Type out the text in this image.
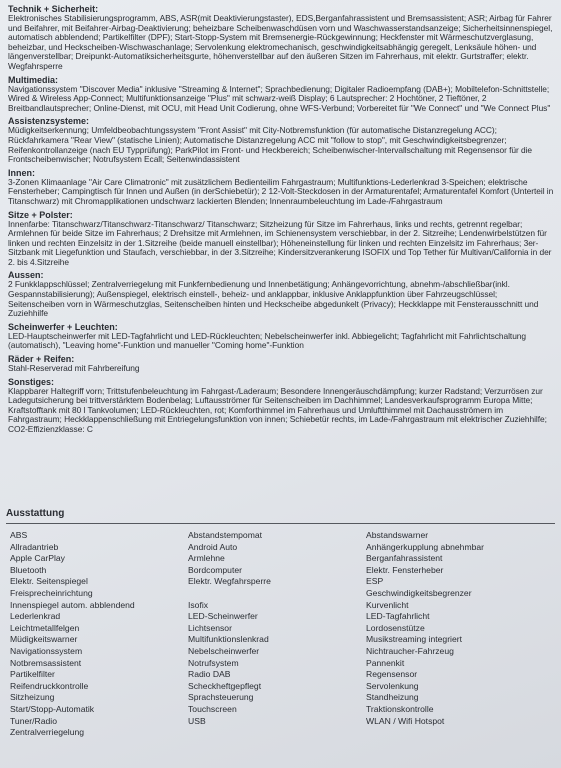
Technik + Sicherheit:

Elektronisches Stabilisierungsprogramm, ABS, ASR(mit Deaktivierungstaster), EDS,Berganfahrassistent und Bremsassistent; ASR; Airbag für Fahrer und Beifahrer, mit Beifahrer-Airbag-Deaktivierung; beheizbare Scheibenwaschdüsen vorn und Waschwasserstandsanzeige; Sicherheitsinnenspiegel, automatisch abblendend; Partikelfilter (DPF); Start-Stopp-System mit Bremsenergie-Rückgewinnung; Heckfenster mit Wärmeschutzverglasung, beheizbar, und Heckscheiben-Wischwaschanlage; Servolenkung elektromechanisch, geschwindigkeitsabhängig geregelt, Lenksäule höhen- und längenverstellbar; Dreipunkt-Automatiksicherheitsgurte, höhenverstellbar auf den äußeren Sitzen im Fahrerhaus, mit elektr. Gurtstraffer; elektr. Wegfahrsperre

Multimedia:

Navigationssystem "Discover Media" inklusive "Streaming & Internet"; Sprachbedienung; Digitaler Radioempfang (DAB+); Mobiltelefon-Schnittstelle; Wired & Wireless App-Connect; Multifunktionsanzeige "Plus" mit schwarz-weiß Display; 6 Lautsprecher: 2 Hochtöner, 2 Tieftöner, 2 Breitbandlautsprecher; Online-Dienst, mit OCU, mit Head Unit Codierung, ohne WFS-Verbund; Vorbereitet für "We Connect" und "We Connect Plus"

Assistenzsysteme:

Müdigkeitserkennung; Umfeldbeobachtungssystem "Front Assist" mit City-Notbremsfunktion (für automatische Distanzregelung ACC); Rückfahrkamera "Rear View" (statische Linien); Automatische Distanzregelung ACC mit "follow to stop", mit Geschwindigkeitsbegrenzer; Reifenkontrollanzeige (nach EU Typprüfung); ParkPilot im Front- und Heckbereich; Scheibenwischer-Intervallschaltung mit Regensensor für die Frontscheibenwischer; Notrufsystem Ecall; Seitenwindassistent

Innen:

3-Zonen Klimaanlage "Air Care Climatronic" mit zusätzlichem Bedienteilim Fahrgastraum; Multifunktions-Lederlenkrad 3-Speichen; elektrische Fensterheber; Campingtisch für Innen und Außen (in derSchiebetür); 2 12-Volt-Steckdosen in der Armaturentafel; Armaturentafel Komfort (Unterteil in Titanschwarz) mit Chromapplikationen undschwarz lackierten Blenden; Innenraumbeleuchtung im Lade-/Fahrgastraum

Sitze + Polster:

Innenfarbe: Titanschwarz/Titanschwarz-Titanschwarz/ Titanschwarz; Sitzheizung für Sitze im Fahrerhaus, links und rechts, getrennt regelbar; Armlehnen für beide Sitze im Fahrerhaus; 2 Drehsitze mit Armlehnen, im Schienensystem verschiebbar, in der 2. Sitzreihe; Lendenwirbelstützen für linken und rechten Einzelsitz in der 1.Sitzreihe (beide manuell einstellbar); Höheneinstellung für linken und rechten Einzelsitz im Fahrerhaus; 3er-Sitzbank mit Liegefunktion und Staufach, verschiebbar, in der 3.Sitzreihe; Kindersitzverankerung ISOFIX und Top Tether für Multivan/California in der 2. bis 4.Sitzreihe

Aussen:

2 Funkklappschlüssel; Zentralverriegelung mit Funkfernbedienung und Innenbetätigung; Anhängevorrichtung, abnehm-/abschließbar(inkl. Gespannstabilisierung); Außenspiegel, elektrisch einstell-, beheiz- und anklappbar, inklusive Anklappfunktion über Fahrzeugschlüssel; Seitenscheiben vorn in Wärmeschutzglas, Seitenscheiben hinten und Heckscheibe abgedunkelt (Privacy); Heckklappe mit Fensterausschnitt und Zuziehhilfe

Scheinwerfer + Leuchten:

LED-Hauptscheinwerfer mit LED-Tagfahrlicht und LED-Rückleuchten; Nebelscheinwerfer inkl. Abbiegelicht; Tagfahrlicht mit Fahrlichtschaltung (automatisch), "Leaving home"-Funktion und manueller "Coming home"-Funktion

Räder + Reifen:

Stahl-Reserverad mit Fahrbereifung

Sonstiges:

Klappbarer Haltegriff vorn; Trittstufenbeleuchtung im Fahrgast-/Laderaum; Besondere Innengeräuschdämpfung; kurzer Radstand; Verzurrösen zur Ladegutsicherung bei trittverstärktem Bodenbelag; Luftausströmer für Seitenscheiben im Dachhimmel; Landesverkaufsprogramm Europa Mitte; Kraftstofftank mit 80 l Tankvolumen; LED-Rückleuchten, rot; Komforthimmel im Fahrerhaus und Umluftthimmel mit Dachausströmern im Fahrgastraum; Heckklappenschließung mit Entriegelungsfunktion von innen; Schiebetür rechts, im Lade-/Fahrgastraum mit elektrischer Zuziehhilfe; CO2-Effizienzklasse: C

Ausstattung

ABS
Allradantrieb
Apple CarPlay
Bluetooth
Elektr. Seitenspiegel
Freisprecheinrichtung
Innenspiegel autom. abblendend
Lederlenkrad
Leichtmetallfelgen
Müdigkeitswarner
Navigationssystem
Notbremsassistent
Partikelfilter
Reifendruckkontrolle
Sitzheizung
Start/Stopp-Automatik
Tuner/Radio
Zentralverriegelung
Abstandstempomat
Android Auto
Armlehne
Bordcomputer
Elektr. Wegfahrsperre
Isofix
LED-Scheinwerfer
Lichtsensor
Multifunktionslenkrad
Nebelscheinwerfer
Notrufsystem
Radio DAB
Scheckheftgepflegt
Sprachsteuerung
Touchscreen
USB
Abstandswarner
Anhängerkupplung abnehmbar
Berganfahrassistent
Elektr. Fensterheber
ESP
Geschwindigkeitsbegrenzer
Kurvenlicht
LED-Tagfahrlicht
Lordosenstütze
Musikstreaming integriert
Nichtraucher-Fahrzeug
Pannenkit
Regensensor
Servolenkung
Standheizung
Traktionskontrolle
WLAN / Wifi Hotspot
